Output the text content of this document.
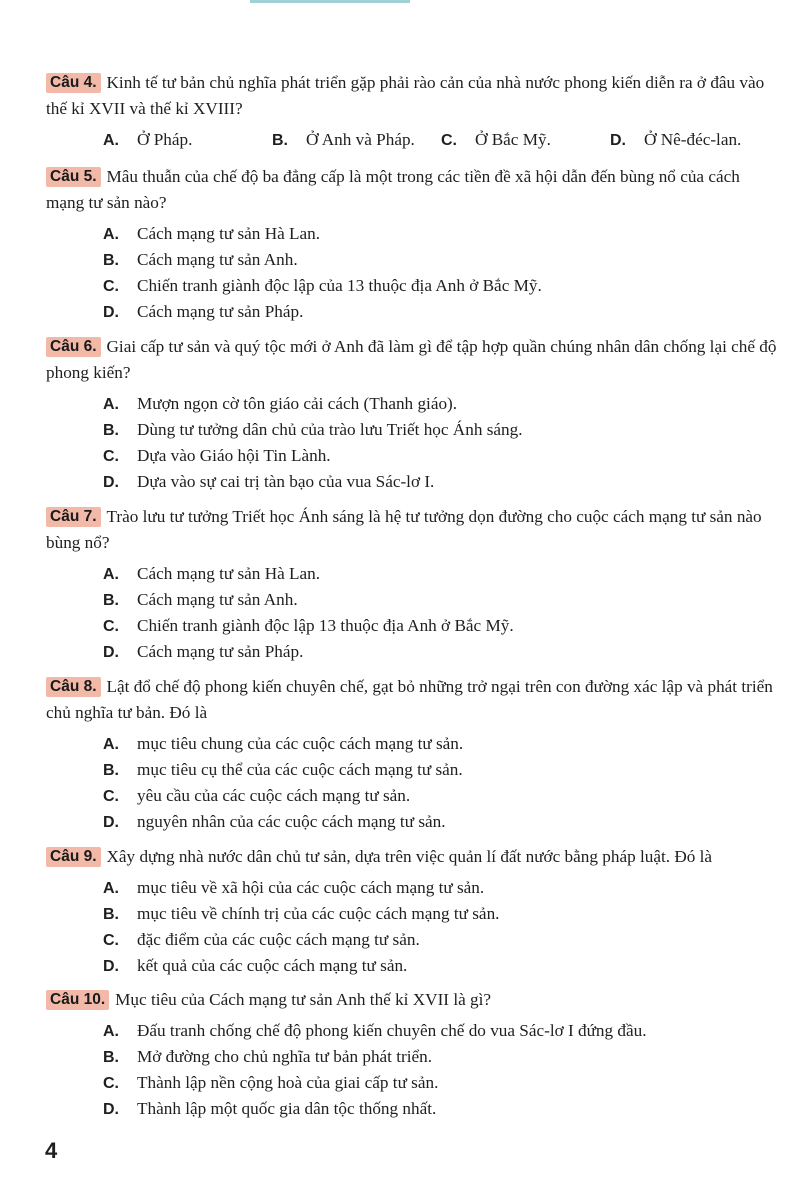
Câu 4. Kinh tế tư bản chủ nghĩa phát triển gặp phải rào cản của nhà nước phong kiến diễn ra ở đâu vào thế kỉ XVII và thế kỉ XVIII?
A. Ở Pháp.	B. Ở Anh và Pháp. C. Ở Bắc Mỹ.	D. Ở Nê-đéc-lan.
Câu 5. Mâu thuẫn của chế độ ba đẳng cấp là một trong các tiền đề xã hội dẫn đến bùng nổ của cách mạng tư sản nào?
A. Cách mạng tư sản Hà Lan.
B. Cách mạng tư sản Anh.
C. Chiến tranh giành độc lập của 13 thuộc địa Anh ở Bắc Mỹ.
D. Cách mạng tư sản Pháp.
Câu 6. Giai cấp tư sản và quý tộc mới ở Anh đã làm gì để tập hợp quần chúng nhân dân chống lại chế độ phong kiến?
A. Mượn ngọn cờ tôn giáo cải cách (Thanh giáo).
B. Dùng tư tưởng dân chủ của trào lưu Triết học Ánh sáng.
C. Dựa vào Giáo hội Tin Lành.
D. Dựa vào sự cai trị tàn bạo của vua Sác-lơ I.
Câu 7. Trào lưu tư tưởng Triết học Ánh sáng là hệ tư tưởng dọn đường cho cuộc cách mạng tư sản nào bùng nổ?
A. Cách mạng tư sản Hà Lan.
B. Cách mạng tư sản Anh.
C. Chiến tranh giành độc lập 13 thuộc địa Anh ở Bắc Mỹ.
D. Cách mạng tư sản Pháp.
Câu 8. Lật đổ chế độ phong kiến chuyên chế, gạt bỏ những trở ngại trên con đường xác lập và phát triển chủ nghĩa tư bản. Đó là
A. mục tiêu chung của các cuộc cách mạng tư sản.
B. mục tiêu cụ thể của các cuộc cách mạng tư sản.
C. yêu cầu của các cuộc cách mạng tư sản.
D. nguyên nhân của các cuộc cách mạng tư sản.
Câu 9. Xây dựng nhà nước dân chủ tư sản, dựa trên việc quản lí đất nước bằng pháp luật. Đó là
A. mục tiêu về xã hội của các cuộc cách mạng tư sản.
B. mục tiêu về chính trị của các cuộc cách mạng tư sản.
C. đặc điểm của các cuộc cách mạng tư sản.
D. kết quả của các cuộc cách mạng tư sản.
Câu 10. Mục tiêu của Cách mạng tư sản Anh thế kỉ XVII là gì?
A. Đấu tranh chống chế độ phong kiến chuyên chế do vua Sác-lơ I đứng đầu.
B. Mở đường cho chủ nghĩa tư bản phát triển.
C. Thành lập nền cộng hoà của giai cấp tư sản.
D. Thành lập một quốc gia dân tộc thống nhất.
4
